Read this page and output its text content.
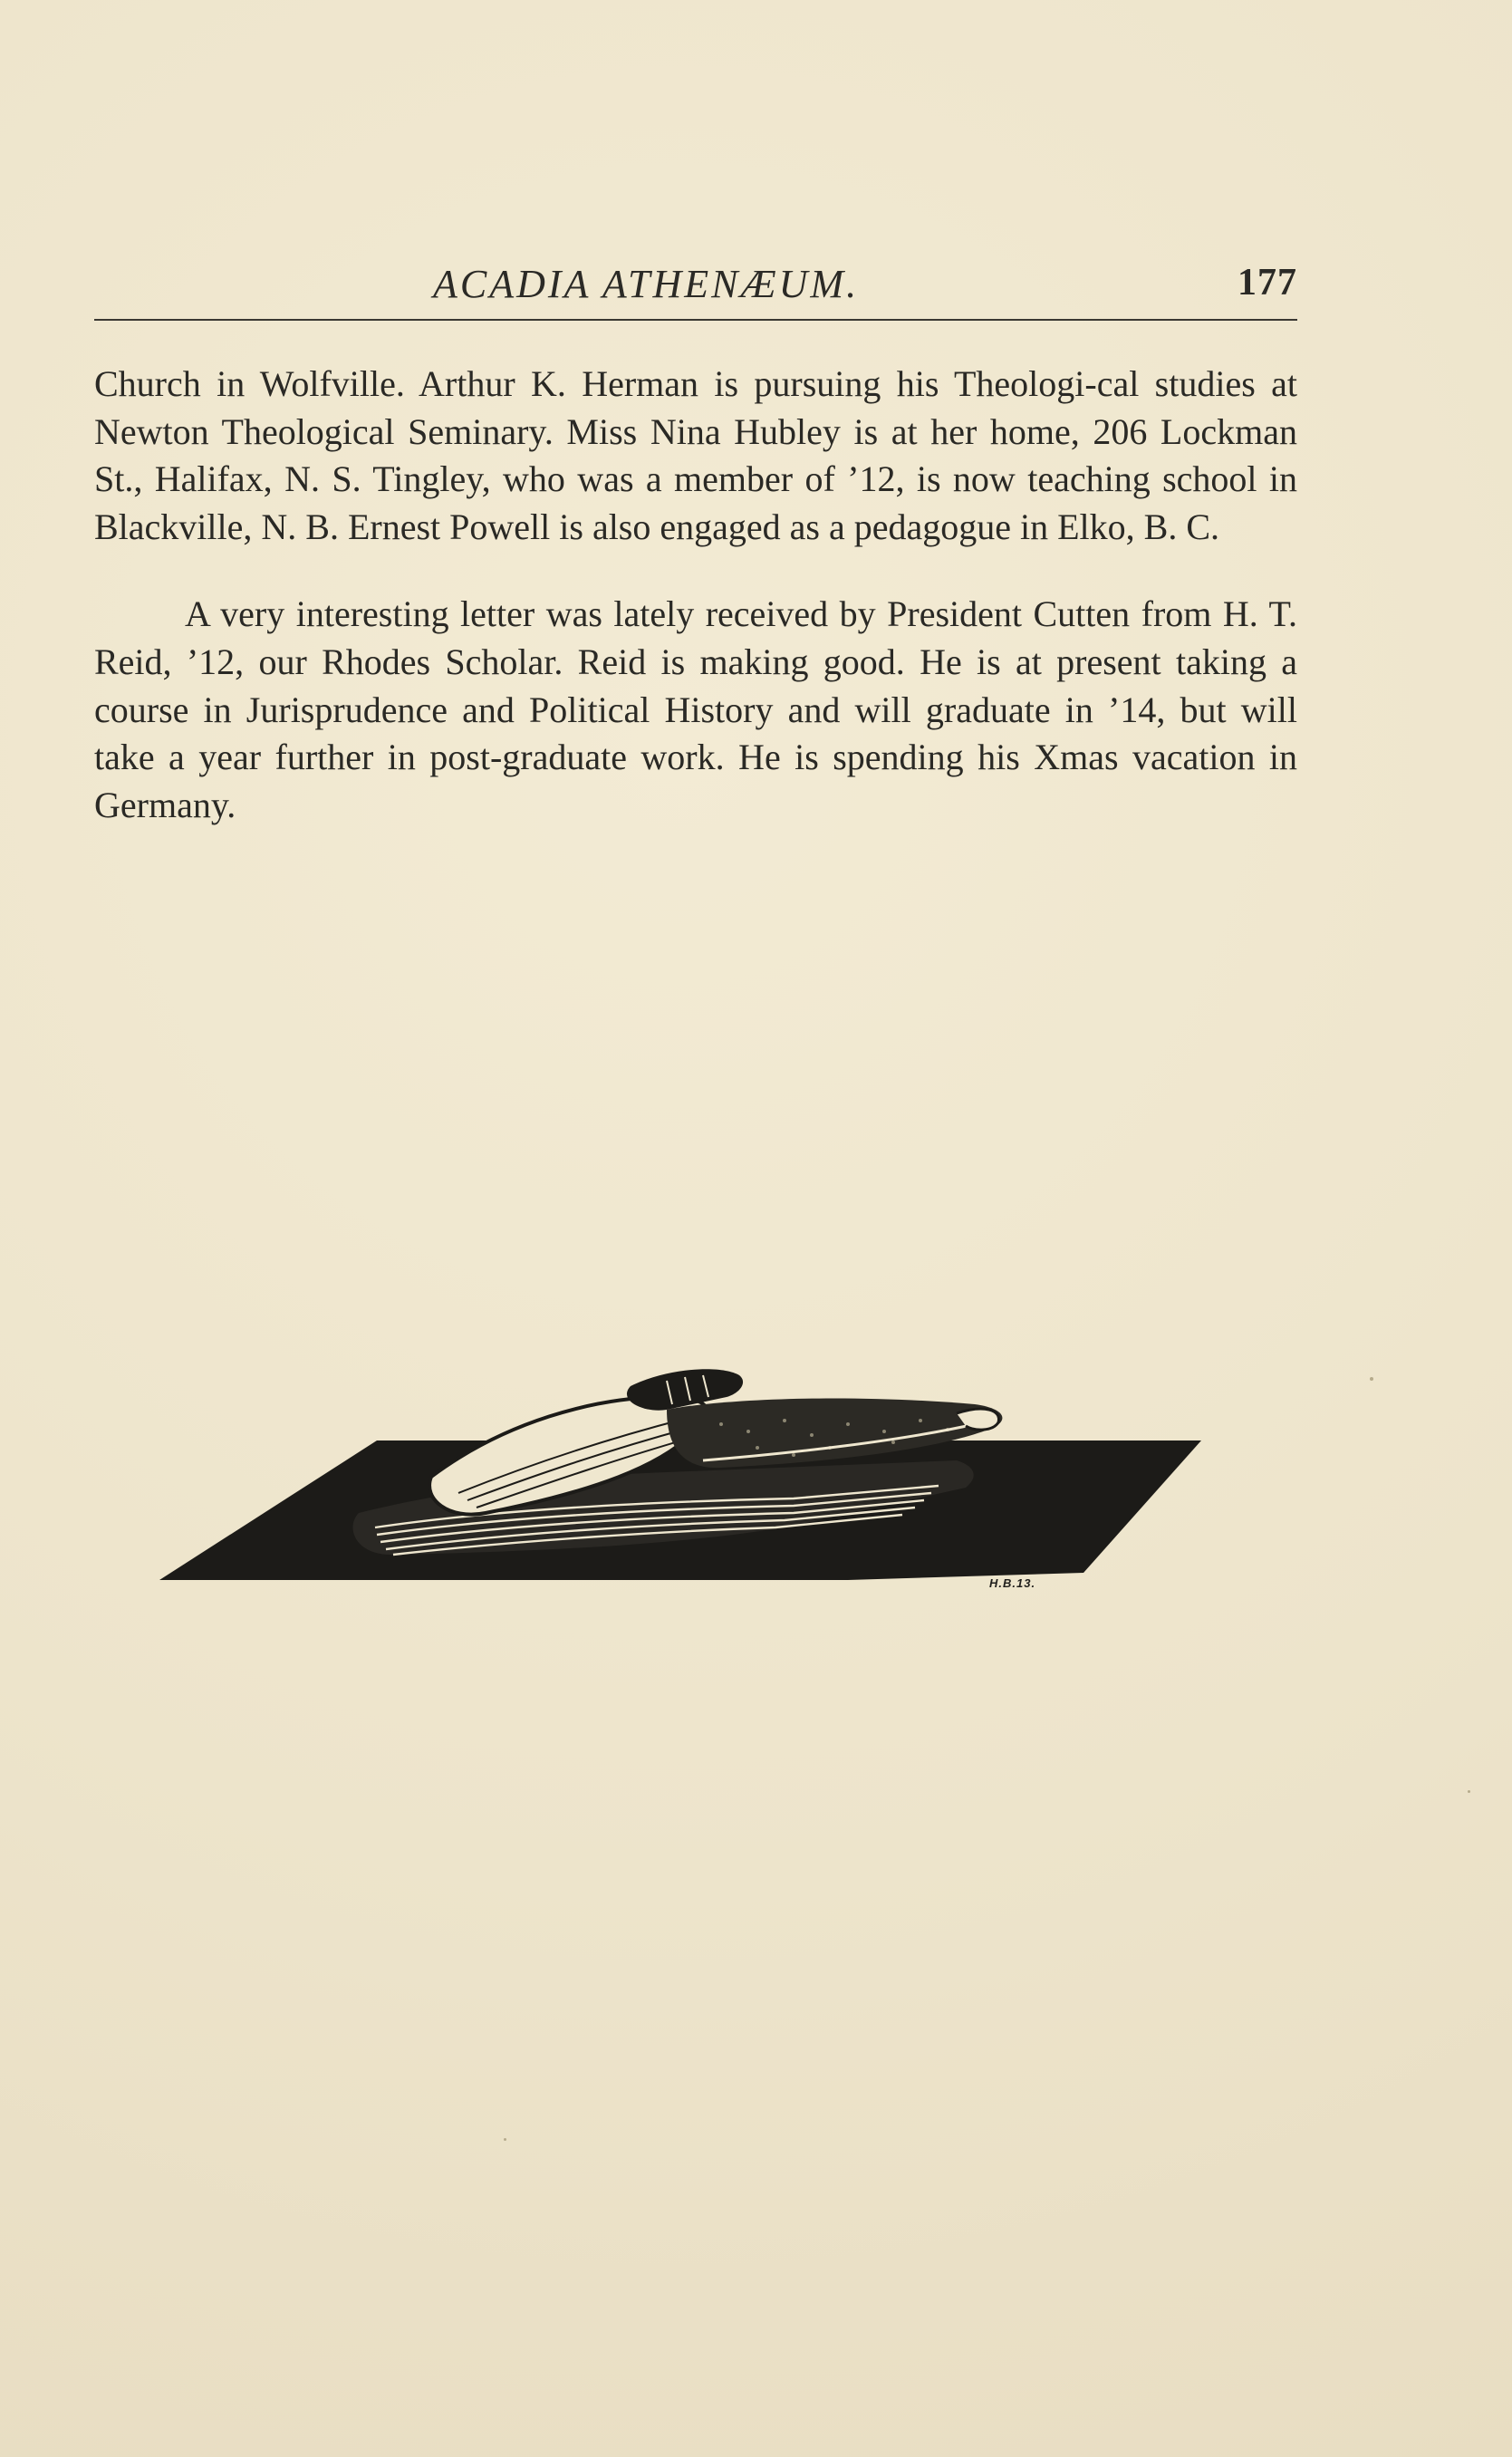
ACADIA ATHENÆUM.	177

Church in Wolfville. Arthur K. Herman is pursuing his Theologi-cal studies at Newton Theological Seminary. Miss Nina Hubley is at her home, 206 Lockman St., Halifax, N. S. Tingley, who was a member of ’12, is now teaching school in Blackville, N. B. Ernest Powell is also engaged as a pedagogue in Elko, B. C.

A very interesting letter was lately received by President Cutten from H. T. Reid, ’12, our Rhodes Scholar. Reid is making good. He is at present taking a course in Jurisprudence and Political History and will graduate in ’14, but will take a year further in post-graduate work. He is spending his Xmas vacation in Germany.

H.B.13.
